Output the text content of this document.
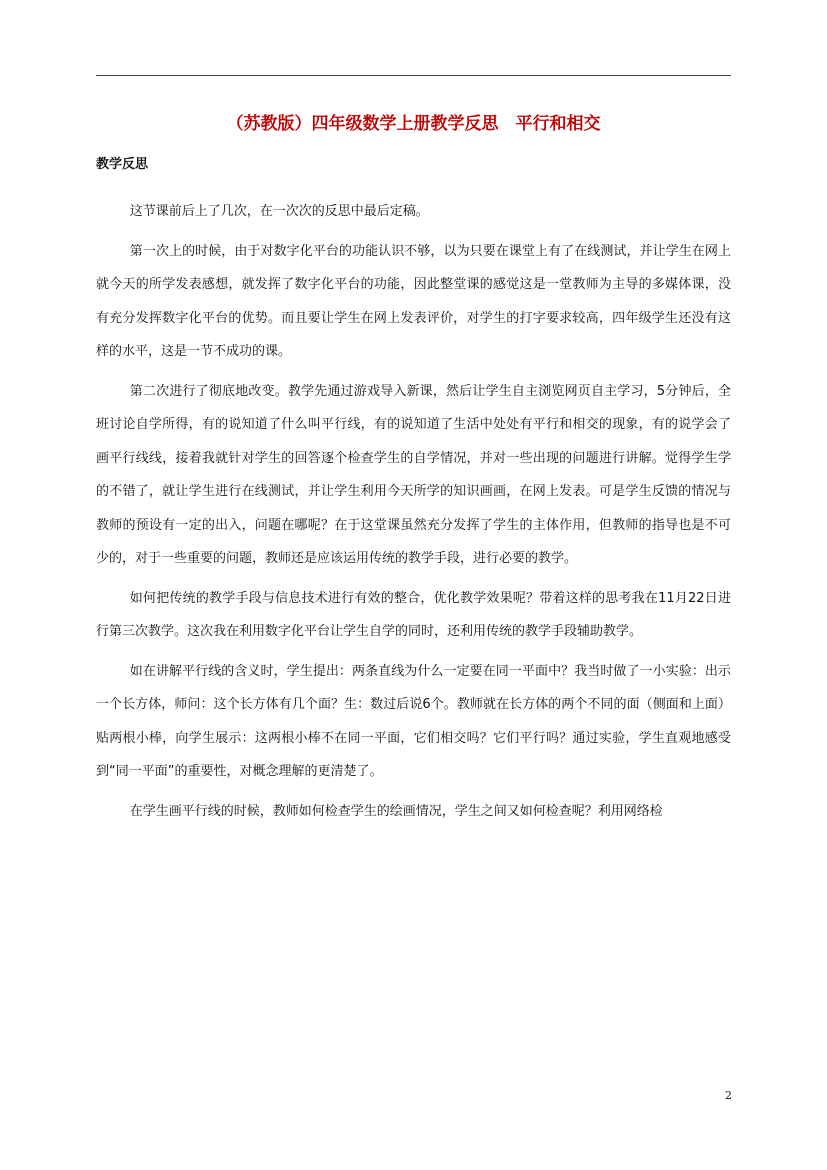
（苏教版）四年级数学上册教学反思　平行和相交
教学反思

这节课前后上了几次，在一次次的反思中最后定稿。

第一次上的时候，由于对数字化平台的功能认识不够，以为只要在课堂上有了在线测试，并让学生在网上就今天的所学发表感想，就发挥了数字化平台的功能，因此整堂课的感觉这是一堂教师为主导的多媒体课，没有充分发挥数字化平台的优势。而且要让学生在网上发表评价，对学生的打字要求较高，四年级学生还没有这样的水平，这是一节不成功的课。

第二次进行了彻底地改变。教学先通过游戏导入新课，然后让学生自主浏览网页自主学习，5分钟后，全班讨论自学所得，有的说知道了什么叫平行线，有的说知道了生活中处处有平行和相交的现象，有的说学会了画平行线线，接着我就针对学生的回答逐个检查学生的自学情况，并对一些出现的问题进行讲解。觉得学生学的不错了，就让学生进行在线测试，并让学生利用今天所学的知识画画，在网上发表。可是学生反馈的情况与教师的预设有一定的出入，问题在哪呢？在于这堂课虽然充分发挥了学生的主体作用，但教师的指导也是不可少的，对于一些重要的问题，教师还是应该运用传统的教学手段，进行必要的教学。

如何把传统的教学手段与信息技术进行有效的整合，优化教学效果呢？带着这样的思考我在11月22日进行第三次教学。这次我在利用数字化平台让学生自学的同时，还利用传统的教学手段辅助教学。

如在讲解平行线的含义时，学生提出：两条直线为什么一定要在同一平面中？我当时做了一小实验：出示一个长方体，师问：这个长方体有几个面？生：数过后说6个。教师就在长方体的两个不同的面（侧面和上面）贴两根小棒，向学生展示：这两根小棒不在同一平面，它们相交吗？它们平行吗？通过实验，学生直观地感受到“同一平面”的重要性，对概念理解的更清楚了。

在学生画平行线的时候，教师如何检查学生的绘画情况，学生之间又如何检查呢？利用网络检

2
